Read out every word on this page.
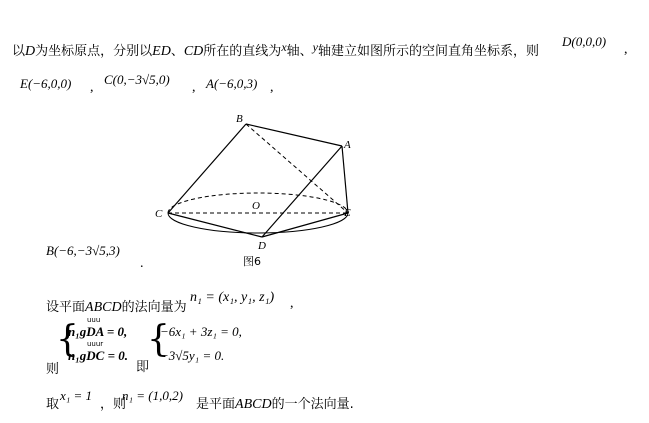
以D为坐标原点，分别以ED、CD所在的直线为$^x$轴、$^y$轴建立如图所示的空间直角坐标系，则
D(0,0,0)
,
E(−6,0,0) ,
C(0,−3√5,0)
, A(−6,0,3) ,
B
A
C
O
E
D
图6
B(−6,−3√5,3)
.
设平面ABCD的法向量为
n₁ = (x₁, y₁, z₁) ,
{ uuu
n₁gDA = 0,
uuur
n₁gDC = 0.
则	即
{
−6x₁ + 3z₁ = 0,
−3√5y₁ = 0.
取
x₁ = 1
，则
n₁ = (1,0,2)
是平面ABCD的一个法向量.
